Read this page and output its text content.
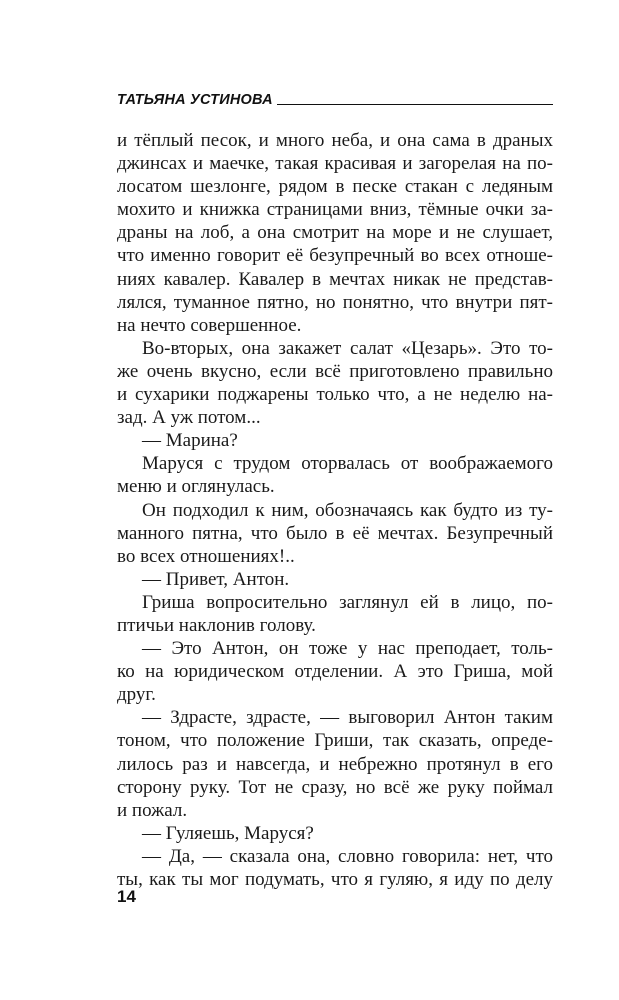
ТАТЬЯНА УСТИНОВА
и тёплый песок, и много неба, и она сама в драных
джинсах и маечке, такая красивая и загорелая на по-
лосатом шезлонге, рядом в песке стакан с ледяным
мохито и книжка страницами вниз, тёмные очки за-
драны на лоб, а она смотрит на море и не слушает,
что именно говорит её безупречный во всех отноше-
ниях кавалер. Кавалер в мечтах никак не представ-
лялся, туманное пятно, но понятно, что внутри пят-
на нечто совершенное.
Во-вторых, она закажет салат «Цезарь». Это то-
же очень вкусно, если всё приготовлено правильно
и сухарики поджарены только что, а не неделю на-
зад. А уж потом...
— Марина?
Маруся с трудом оторвалась от воображаемого
меню и оглянулась.
Он подходил к ним, обозначаясь как будто из ту-
манного пятна, что было в её мечтах. Безупречный
во всех отношениях!..
— Привет, Антон.
Гриша вопросительно заглянул ей в лицо, по-
птичьи наклонив голову.
— Это Антон, он тоже у нас преподает, толь-
ко на юридическом отделении. А это Гриша, мой
друг.
— Здрасте, здрасте, — выговорил Антон таким
тоном, что положение Гриши, так сказать, опреде-
лилось раз и навсегда, и небрежно протянул в его
сторону руку. Тот не сразу, но всё же руку поймал
и пожал.
— Гуляешь, Маруся?
— Да, — сказала она, словно говорила: нет, что
ты, как ты мог подумать, что я гуляю, я иду по делу
14
